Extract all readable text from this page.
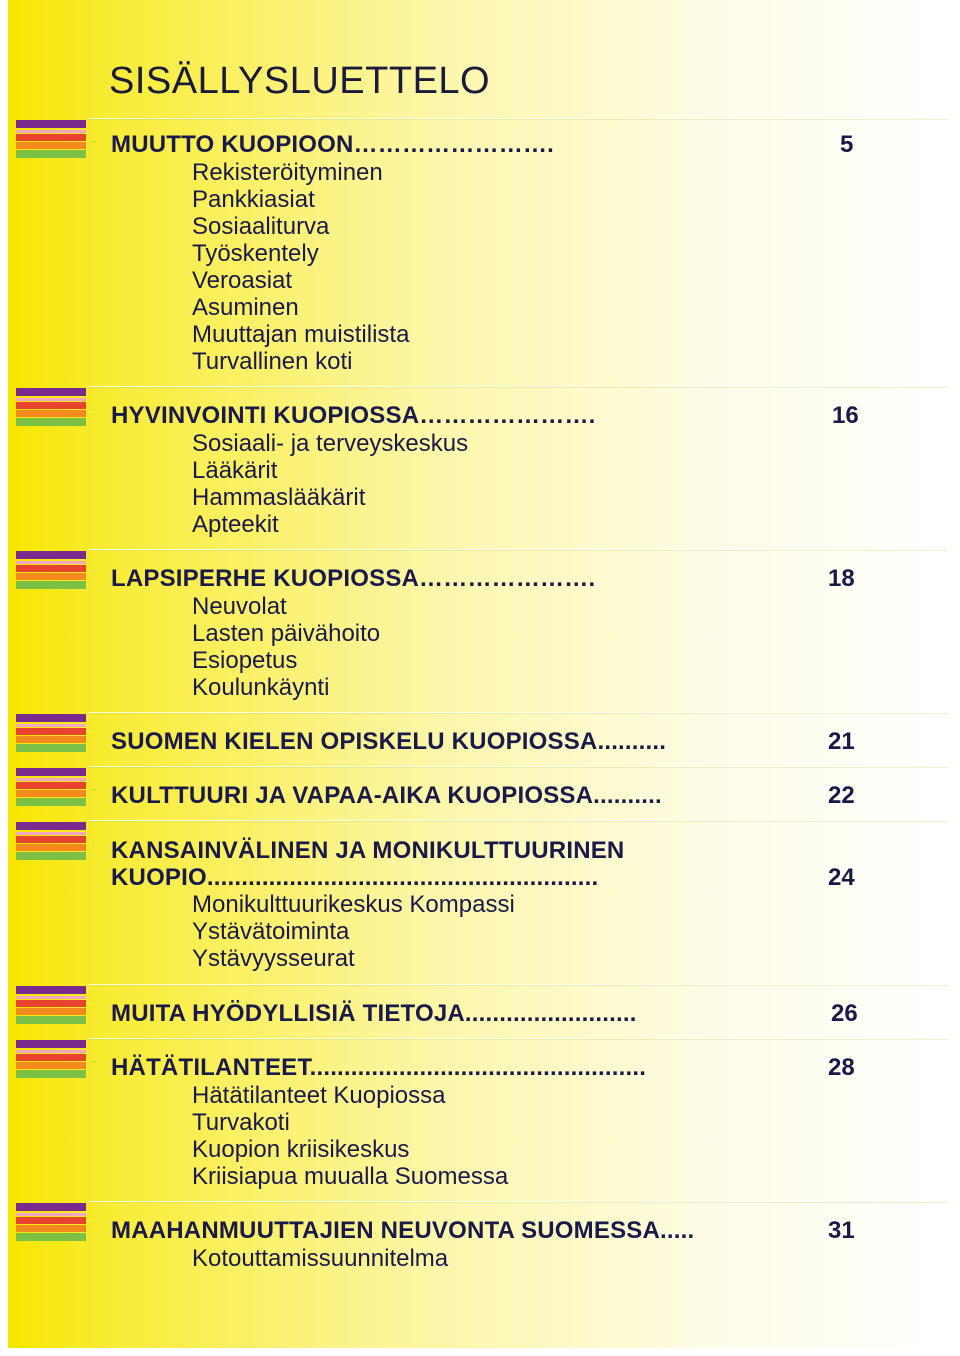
SISÄLLYSLUETTELO

MUUTTO KUOPIOON…………………….	5

Rekisteröityminen

Pankkiasiat

Sosiaaliturva

Työskentely

Veroasiat

Asuminen

Muuttajan muistilista

Turvallinen koti

HYVINVOINTI KUOPIOSSA………………….	16

Sosiaali- ja terveyskeskus

Lääkärit

Hammaslääkärit

Apteekit

LAPSIPERHE KUOPIOSSA………………….	18

Neuvolat

Lasten päivähoito

Esiopetus

Koulunkäynti

SUOMEN KIELEN OPISKELU KUOPIOSSA..........	21

KULTTUURI JA VAPAA-AIKA KUOPIOSSA..........	22

KANSAINVÄLINEN JA MONIKULTTUURINEN

KUOPIO.........................................................	24

Monikulttuurikeskus Kompassi

Ystävätoiminta

Ystävyysseurat

MUITA HYÖDYLLISIÄ TIETOJA.........................	26

HÄTÄTILANTEET.................................................	28

Hätätilanteet Kuopiossa

Turvakoti

Kuopion kriisikeskus

Kriisiapua muualla Suomessa

MAAHANMUUTTAJIEN NEUVONTA SUOMESSA.....	31

Kotouttamissuunnitelma
